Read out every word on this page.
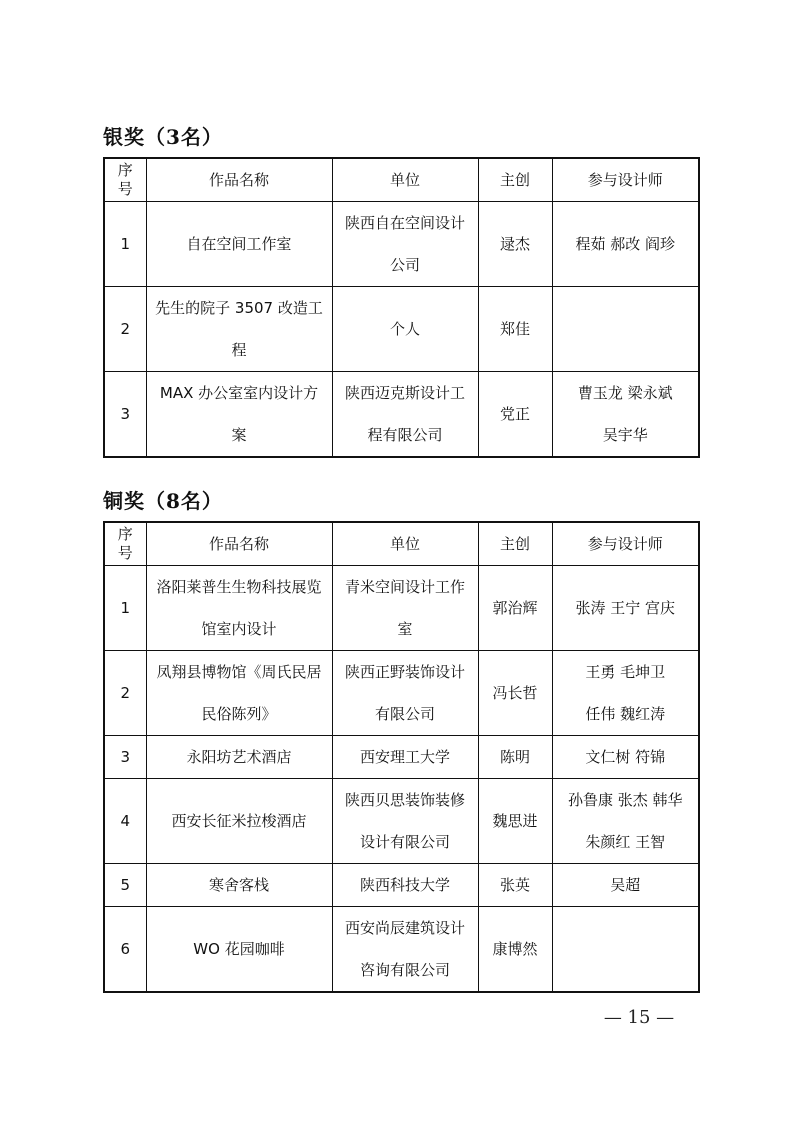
银奖（3名）
序号	作品名称	单位	主创	参与设计师
1	自在空间工作室	陕西自在空间设计公司	逯杰	程茹 郝改 阎珍

2	先生的院子 3507 改造工程	个人	郑佳	
3	MAX 办公室室内设计方案	陕西迈克斯设计工程有限公司	党正	曹玉龙 梁永斌
吴宇华
铜奖（8名）
序号	作品名称	单位	主创	参与设计师
1	洛阳莱普生生物科技展览馆室内设计	青米空间设计工作室	郭治辉	张涛 王宁 宫庆

2	凤翔县博物馆《周氏民居民俗陈列》	陕西正野装饰设计有限公司	冯长哲	王勇 毛坤卫
任伟 魏红涛

3	永阳坊艺术酒店	西安理工大学	陈明	文仁树 符锦

4	西安长征米拉梭酒店	陕西贝思装饰装修设计有限公司	魏思进	孙鲁康 张杰 韩华
朱颜红 王智

5	寒舍客栈	陕西科技大学	张英	吴超

6	WO 花园咖啡	西安尚辰建筑设计咨询有限公司	康博然	
— 15 —
